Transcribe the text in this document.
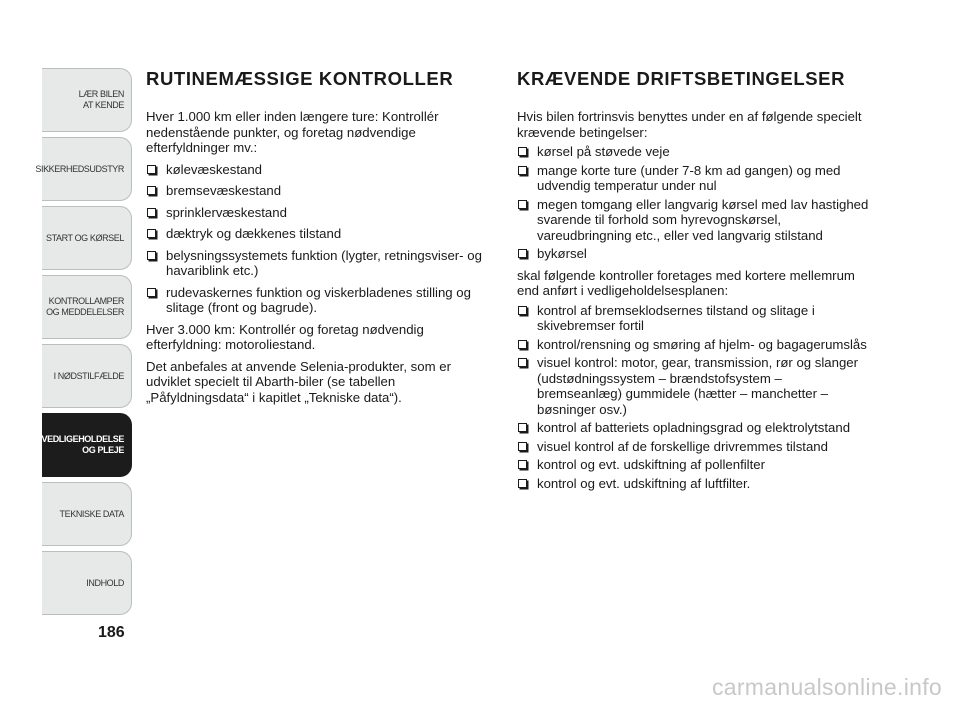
LÆR BILEN
AT KENDE
SIKKERHEDSUDSTYR
START OG KØRSEL
KONTROLLAMPER
OG MEDDELELSER
I NØDSTILFÆLDE
VEDLIGEHOLDELSE
OG PLEJE
TEKNISKE DATA
INDHOLD
186
RUTINEMÆSSIGE KONTROLLER

Hver 1.000 km eller inden længere ture: Kontrollér nedenstående punkter, og foretag nødvendige efterfyldninger mv.:

kølevæskestand
bremsevæskestand
sprinklervæskestand
dæktryk og dækkenes tilstand
belysningssystemets funktion (lygter, retningsviser- og havariblink etc.)
rudevaskernes funktion og viskerbladenes stilling og slitage (front og bagrude).

Hver 3.000 km: Kontrollér og foretag nødvendig efterfyldning: motoroliestand.

Det anbefales at anvende Selenia-produkter, som er udviklet specielt til Abarth-biler (se tabellen „Påfyldningsdata“ i kapitlet „Tekniske data“).

KRÆVENDE DRIFTSBETINGELSER

Hvis bilen fortrinsvis benyttes under en af følgende specielt krævende betingelser:

kørsel på støvede veje
mange korte ture (under 7-8 km ad gangen) og med udvendig temperatur under nul
megen tomgang eller langvarig kørsel med lav hastighed svarende til forhold som hyrevognskørsel, vareudbringning etc., eller ved langvarig stilstand
bykørsel

skal følgende kontroller foretages med kortere mellemrum end anført i vedligeholdelsesplanen:

kontrol af bremseklodsernes tilstand og slitage i skivebremser fortil
kontrol/rensning og smøring af hjelm- og bagagerumslås
visuel kontrol: motor, gear, transmission, rør og slanger (udstødningssystem – brændstofsystem – bremseanlæg) gummidele (hætter – manchetter – bøsninger osv.)
kontrol af batteriets opladningsgrad og elektrolytstand
visuel kontrol af de forskellige drivremmes tilstand
kontrol og evt. udskiftning af pollenfilter
kontrol og evt. udskiftning af luftfilter.
carmanualsonline.info
